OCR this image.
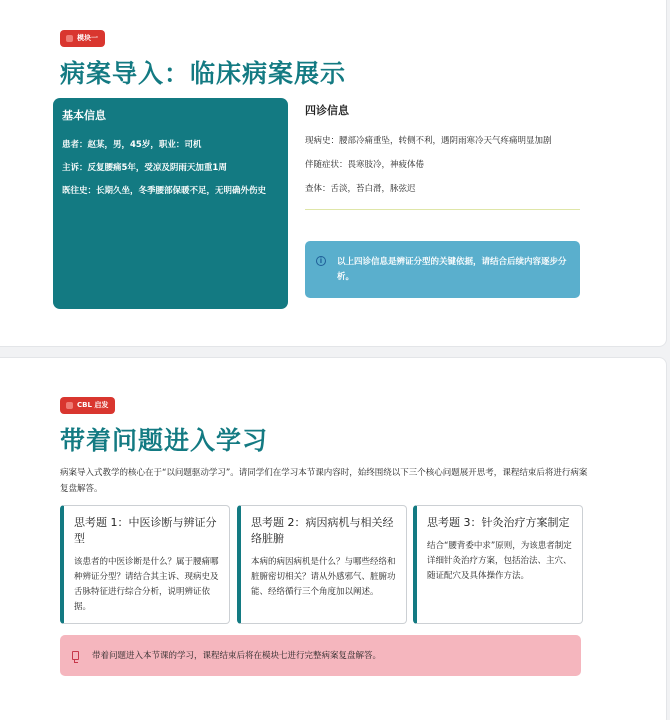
模块一
病案导入：临床病案展示
基本信息

患者：赵某，男，45岁，职业：司机

主诉：反复腰痛5年，受凉及阴雨天加重1周

既往史：长期久坐，冬季腰部保暖不足，无明确外伤史

四诊信息

现病史：腰部冷痛重坠，转侧不利，遇阴雨寒冷天气疼痛明显加剧

伴随症状：畏寒肢冷，神疲体倦

查体：舌淡，苔白滑，脉弦迟

i	以上四诊信息是辨证分型的关键依据，请结合后续内容逐步分析。
CBL 启发
带着问题进入学习
病案导入式教学的核心在于“以问题驱动学习”。请同学们在学习本节课内容时，始终围绕以下三个核心问题展开思考，课程结束后将进行病案复盘解答。
思考题 1：中医诊断与辨证分型

该患者的中医诊断是什么？属于腰痛哪种辨证分型？请结合其主诉、现病史及舌脉特征进行综合分析，说明辨证依据。

思考题 2：病因病机与相关经络脏腑

本病的病因病机是什么？与哪些经络和脏腑密切相关？请从外感邪气、脏腑功能、经络循行三个角度加以阐述。

思考题 3：针灸治疗方案制定

结合“腰背委中求”原则，为该患者制定详细针灸治疗方案，包括治法、主穴、随证配穴及具体操作方法。

带着问题进入本节课的学习，课程结束后将在模块七进行完整病案复盘解答。
